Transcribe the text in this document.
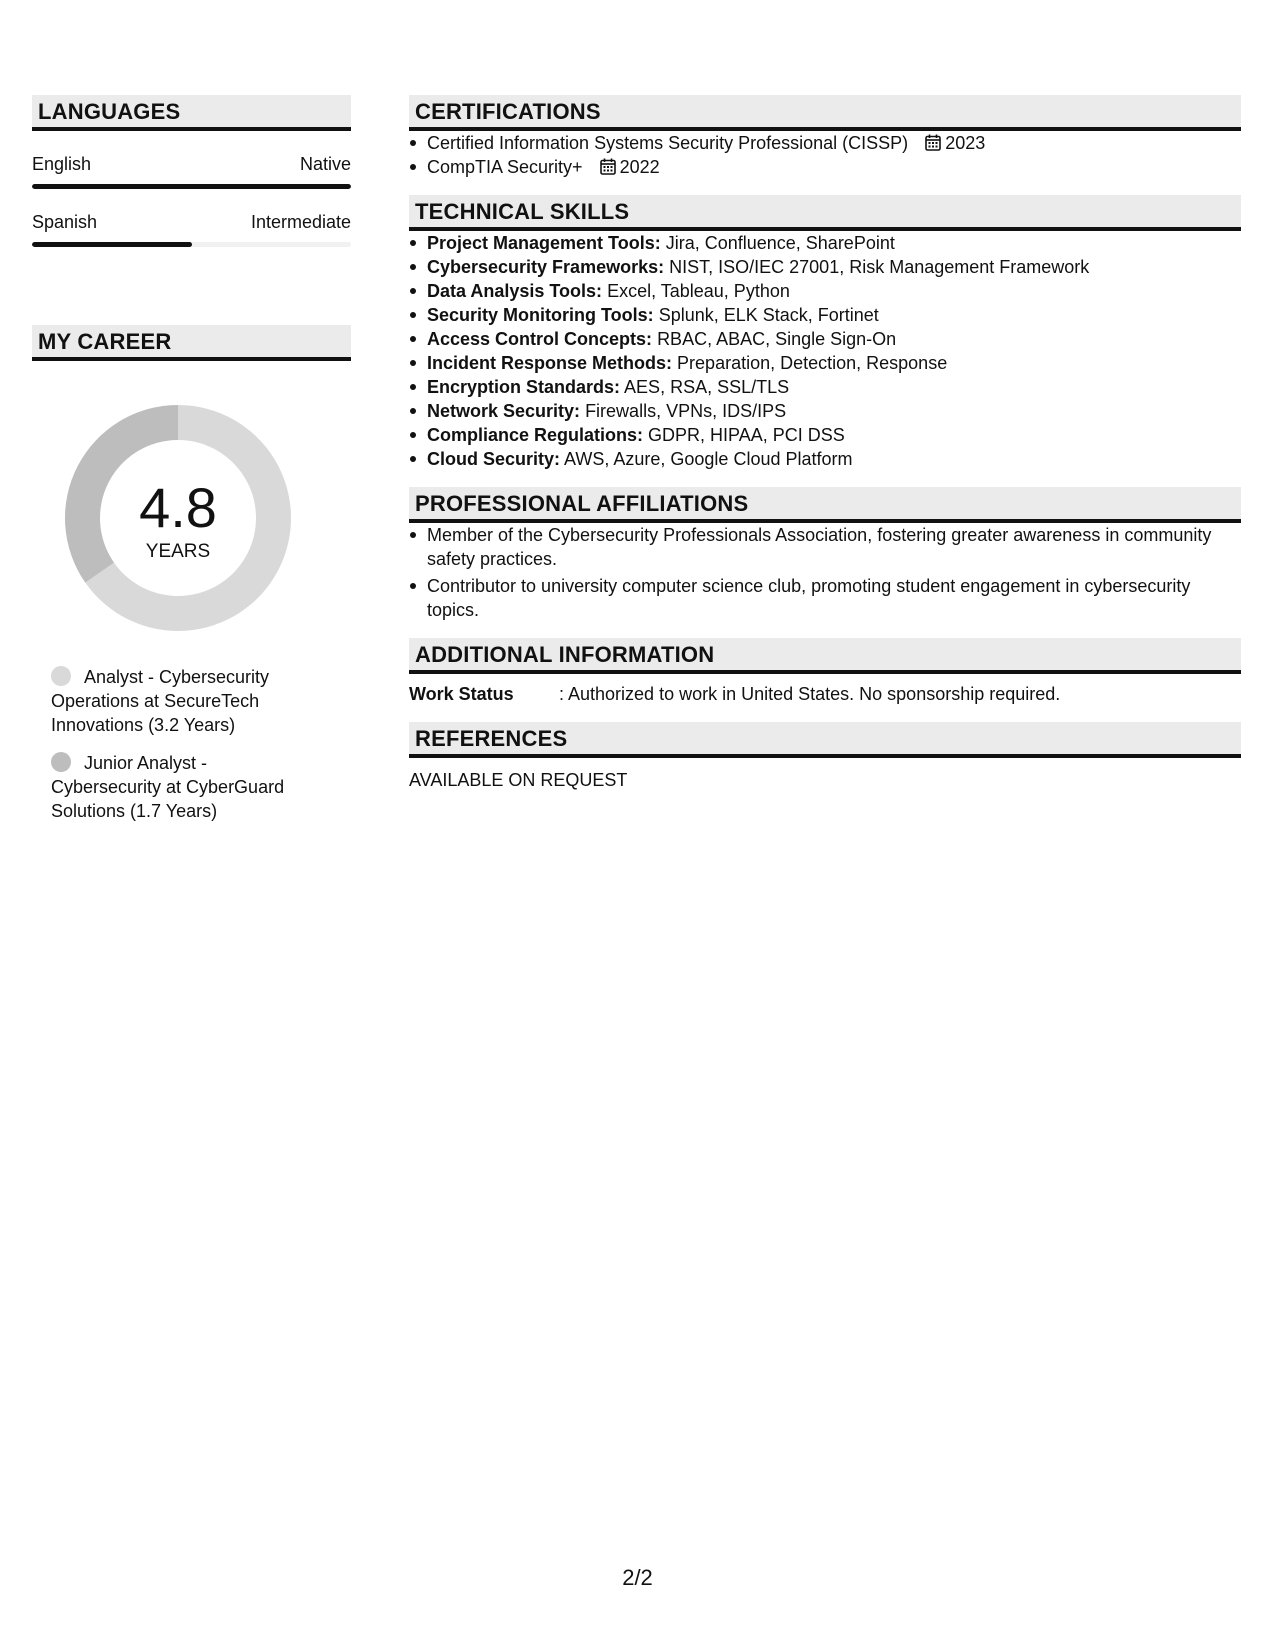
LANGUAGES
English	Native
Spanish	Intermediate
MY CAREER
4.8
YEARS
Analyst - Cybersecurity Operations at SecureTech Innovations (3.2 Years)
Junior Analyst - Cybersecurity at CyberGuard Solutions (1.7 Years)
CERTIFICATIONS
Certified Information Systems Security Professional (CISSP) 2023
CompTIA Security+ 2022
TECHNICAL SKILLS
Project Management Tools: Jira, Confluence, SharePoint
Cybersecurity Frameworks: NIST, ISO/IEC 27001, Risk Management Framework
Data Analysis Tools: Excel, Tableau, Python
Security Monitoring Tools: Splunk, ELK Stack, Fortinet
Access Control Concepts: RBAC, ABAC, Single Sign-On
Incident Response Methods: Preparation, Detection, Response
Encryption Standards: AES, RSA, SSL/TLS
Network Security: Firewalls, VPNs, IDS/IPS
Compliance Regulations: GDPR, HIPAA, PCI DSS
Cloud Security: AWS, Azure, Google Cloud Platform
PROFESSIONAL AFFILIATIONS
Member of the Cybersecurity Professionals Association, fostering greater awareness in community safety practices.
Contributor to university computer science club, promoting student engagement in cybersecurity topics.
ADDITIONAL INFORMATION
Work Status	: Authorized to work in United States. No sponsorship required.
REFERENCES
AVAILABLE ON REQUEST
2/2
